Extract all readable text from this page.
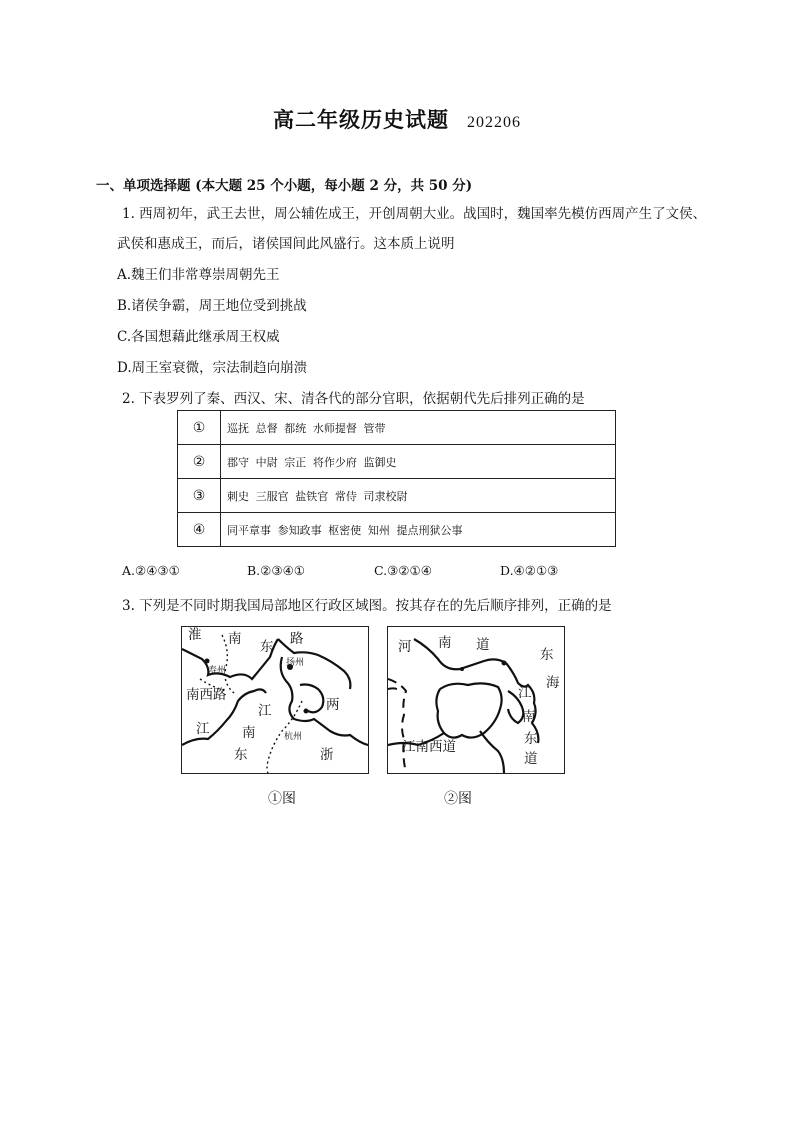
高二年级历史试题 202206
一、单项选择题 (本大题 25 个小题，每小题 2 分，共 50 分)
1. 西周初年，武王去世，周公辅佐成王，开创周朝大业。战国时，魏国率先模仿西周产生了文侯、
武侯和惠成王，而后，诸侯国间此风盛行。这本质上说明
A.魏王们非常尊崇周朝先王
B.诸侯争霸，周王地位受到挑战
C.各国想藉此继承周王权威
D.周王室衰微，宗法制趋向崩溃
2. 下表罗列了秦、西汉、宋、清各代的部分官职，依据朝代先后排列正确的是
①	巡抚 总督 都统 水师提督 管带
②	郡守 中尉 宗正 将作少府 监御史
③	刺史 三服官 盐铁官 常侍 司隶校尉
④	同平章事 参知政事 枢密使 知州 提点刑狱公事
A.②④③①	B.②③④①	C.③②①④	D.④②①③
3. 下列是不同时期我国局部地区行政区域图。按其存在的先后顺序排列，正确的是
淮 南 东 路
寿州
扬州
南西路
江
江
南
两
杭州
东	浙
河 南 道
东
海
江
南
东
道
江南西道
①图	②图
